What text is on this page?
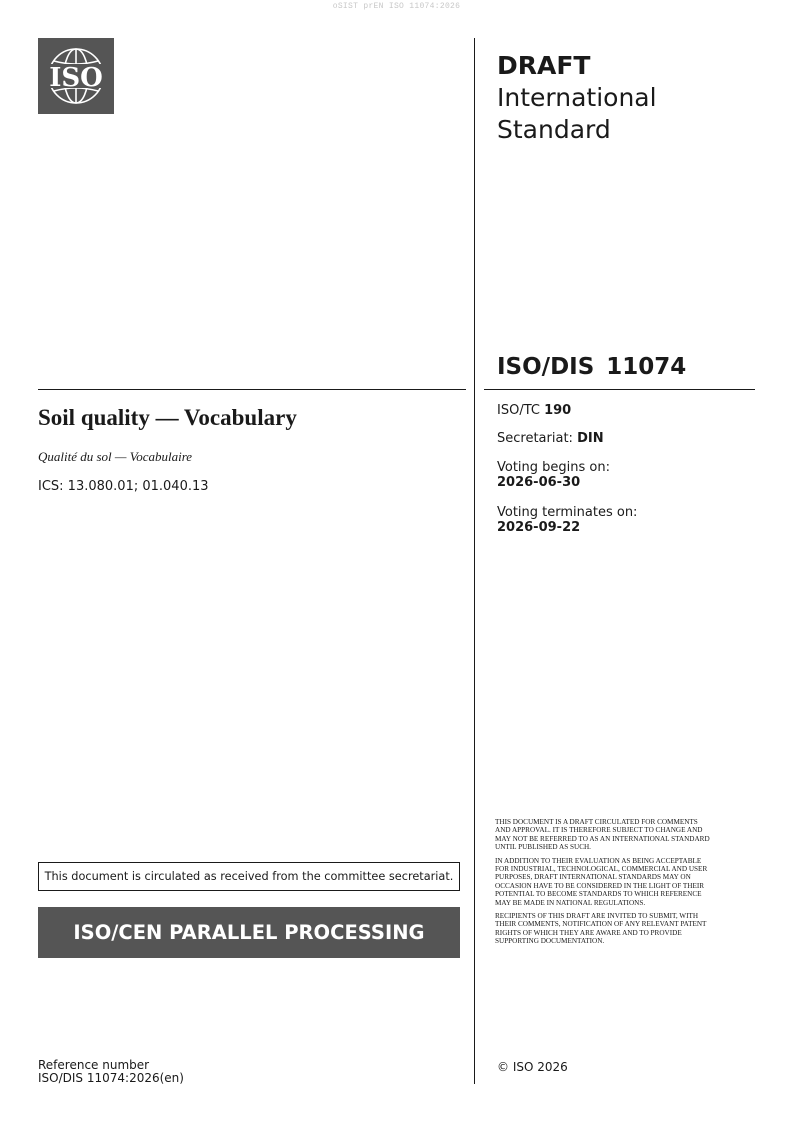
oSIST prEN ISO 11074:2026
ISO	DRAFT
International
Standard
ISO/DIS 11074
Soil quality — Vocabulary
Qualité du sol — Vocabulaire
ICS: 13.080.01; 01.040.13
ISO/TC 190
Secretariat: DIN
Voting begins on:
2026-06-30
Voting terminates on:
2026-09-22

THIS DOCUMENT IS A DRAFT CIRCULATED FOR COMMENTS AND APPROVAL. IT IS THEREFORE SUBJECT TO CHANGE AND MAY NOT BE REFERRED TO AS AN INTERNATIONAL STANDARD UNTIL PUBLISHED AS SUCH.

IN ADDITION TO THEIR EVALUATION AS BEING ACCEPTABLE FOR INDUSTRIAL, TECHNOLOGICAL, COMMERCIAL AND USER PURPOSES, DRAFT INTERNATIONAL STANDARDS MAY ON OCCASION HAVE TO BE CONSIDERED IN THE LIGHT OF THEIR POTENTIAL TO BECOME STANDARDS TO WHICH REFERENCE MAY BE MADE IN NATIONAL REGULATIONS.

RECIPIENTS OF THIS DRAFT ARE INVITED TO SUBMIT, WITH THEIR COMMENTS, NOTIFICATION OF ANY RELEVANT PATENT RIGHTS OF WHICH THEY ARE AWARE AND TO PROVIDE SUPPORTING DOCUMENTATION.

© ISO 2026
This document is circulated as received from the committee secretariat.
ISO/CEN PARALLEL PROCESSING
Reference number
ISO/DIS 11074:2026(en)
